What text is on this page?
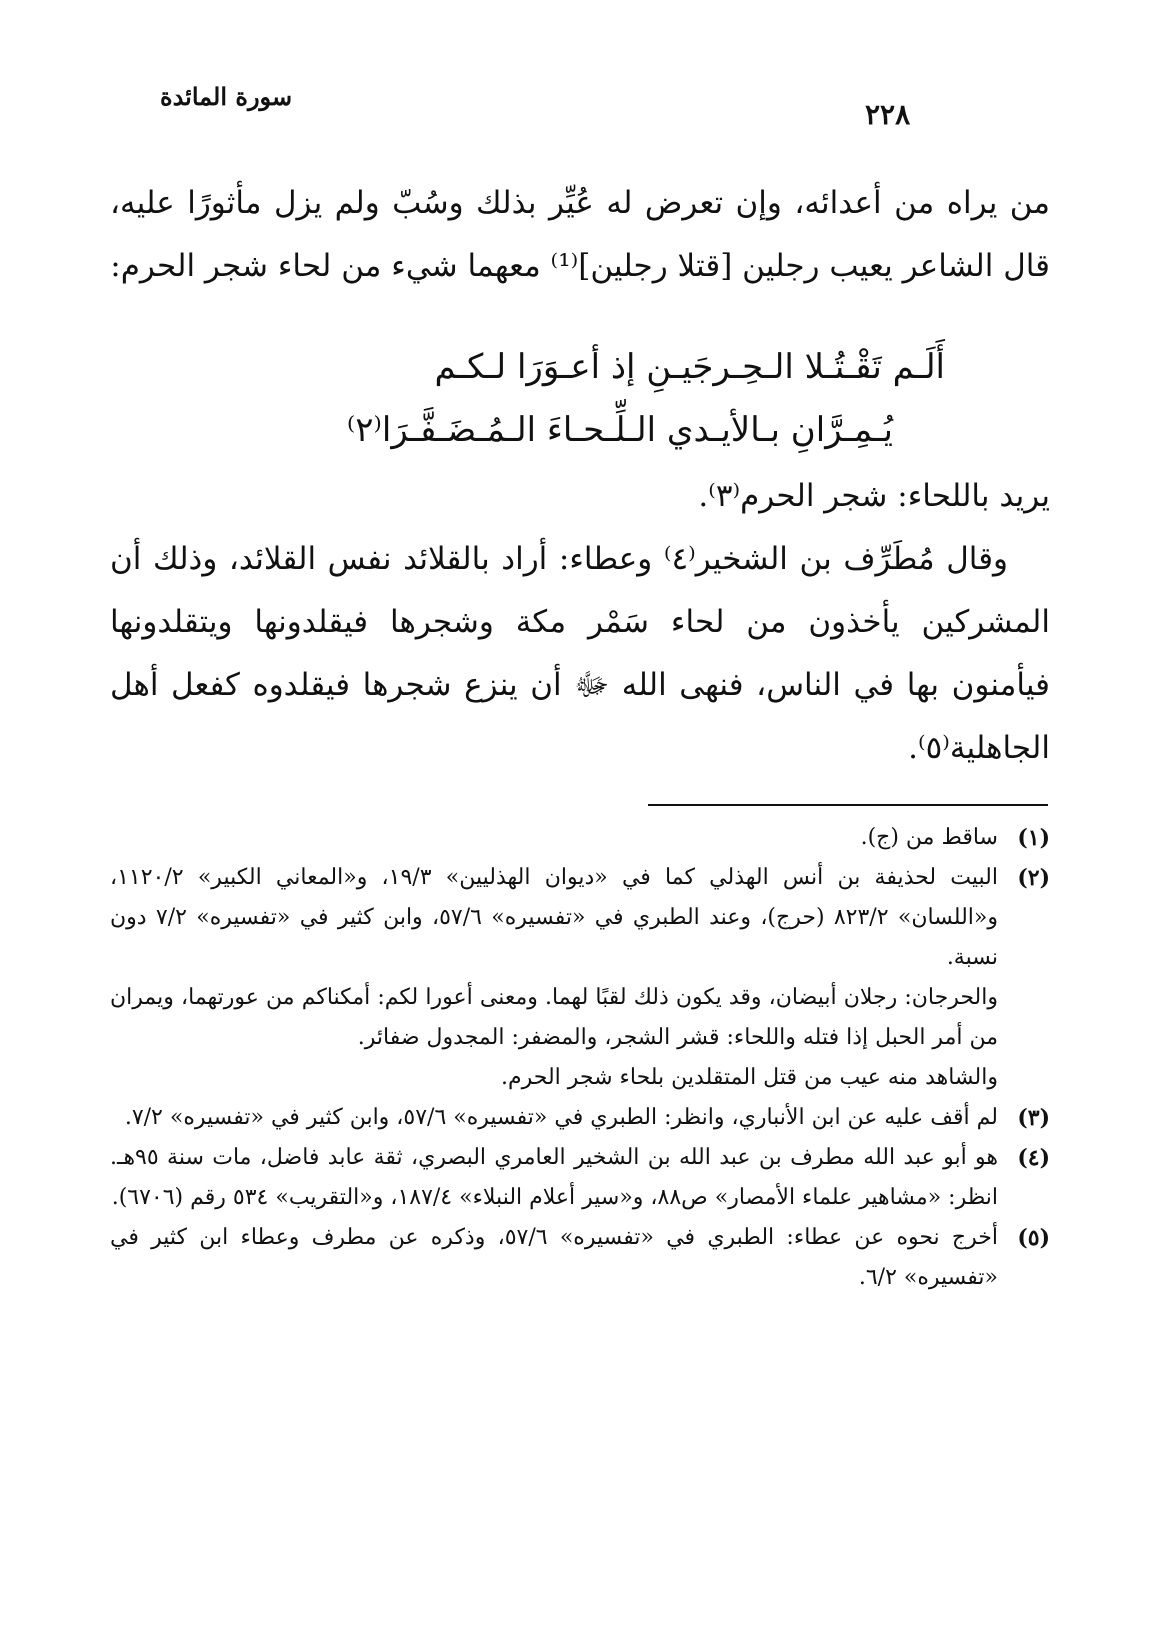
سورة المائدة
٢٢٨

من يراه من أعدائه، وإن تعرض له عُيِّر بذلك وسُبّ ولم يزل مأثورًا عليه، قال الشاعر يعيب رجلين [قتلا رجلين]⁽¹⁾ معهما شيء من لحاء شجر الحرم:

أَلَـم تَقْـتُـلا الـحِـرجَيـنِ إذ أعـوَرَا لـكـم
يُـمِـرَّانِ بـالأيـدي الـلِّـحـاءَ الـمُـضَـفَّـرَا⁽٢⁾
يريد باللحاء: شجر الحرم⁽٣⁾.
وقال مُطَرِّف بن الشخير⁽٤⁾ وعطاء: أراد بالقلائد نفس القلائد، وذلك أن المشركين يأخذون من لحاء سَمْر مكة وشجرها فيقلدونها ويتقلدونها فيأمنون بها في الناس، فنهى الله ﷻ أن ينزع شجرها فيقلدوه كفعل أهل الجاهلية⁽٥⁾.
(١)

ساقط من (ج).

(٢)

البيت لحذيفة بن أنس الهذلي كما في «ديوان الهذليين» ١٩/٣، و«المعاني الكبير» ١١٢٠/٢، و«اللسان» ٨٢٣/٢ (حرج)، وعند الطبري في «تفسيره» ٥٧/٦، وابن كثير في «تفسيره» ٧/٢ دون نسبة.

والحرجان: رجلان أبيضان، وقد يكون ذلك لقبًا لهما. ومعنى أعورا لكم: أمكناكم من عورتهما، ويمران من أمر الحبل إذا فتله واللحاء: قشر الشجر، والمضفر: المجدول ضفائر.

والشاهد منه عيب من قتل المتقلدين بلحاء شجر الحرم.

(٣)

لم أقف عليه عن ابن الأنباري، وانظر: الطبري في «تفسيره» ٥٧/٦، وابن كثير في «تفسيره» ٧/٢.

(٤)

هو أبو عبد الله مطرف بن عبد الله بن الشخير العامري البصري، ثقة عابد فاضل، مات سنة ٩٥هـ. انظر: «مشاهير علماء الأمصار» ص٨٨، و«سير أعلام النبلاء» ١٨٧/٤، و«التقريب» ٥٣٤ رقم (٦٧٠٦).

(٥)

أخرج نحوه عن عطاء: الطبري في «تفسيره» ٥٧/٦، وذكره عن مطرف وعطاء ابن كثير في «تفسيره» ٦/٢.
